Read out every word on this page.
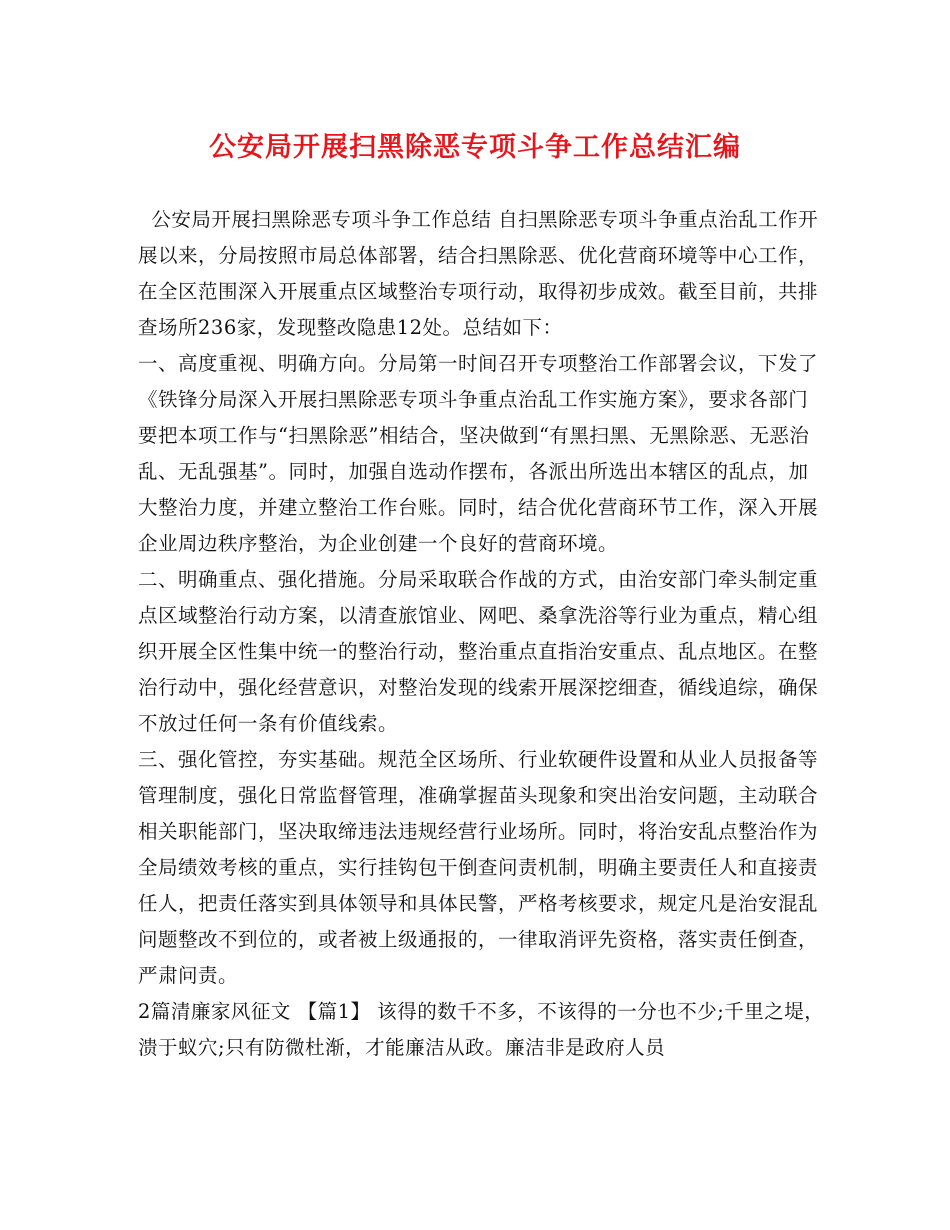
公安局开展扫黑除恶专项斗争工作总结汇编

公安局开展扫黑除恶专项斗争工作总结 自扫黑除恶专项斗争重点治乱工作开展以来，分局按照市局总体部署，结合扫黑除恶、优化营商环境等中心工作，在全区范围深入开展重点区域整治专项行动，取得初步成效。截至目前，共排查场所236家，发现整改隐患12处。总结如下：

一、高度重视、明确方向。分局第一时间召开专项整治工作部署会议，下发了《铁锋分局深入开展扫黑除恶专项斗争重点治乱工作实施方案》，要求各部门要把本项工作与“扫黑除恶”相结合，坚决做到“有黑扫黑、无黑除恶、无恶治乱、无乱强基”。同时，加强自选动作摆布，各派出所选出本辖区的乱点，加大整治力度，并建立整治工作台账。同时，结合优化营商环节工作，深入开展企业周边秩序整治，为企业创建一个良好的营商环境。

二、明确重点、强化措施。分局采取联合作战的方式，由治安部门牵头制定重点区域整治行动方案，以清查旅馆业、网吧、桑拿洗浴等行业为重点，精心组织开展全区性集中统一的整治行动，整治重点直指治安重点、乱点地区。在整治行动中，强化经营意识，对整治发现的线索开展深挖细查，循线追综，确保不放过任何一条有价值线索。

三、强化管控，夯实基础。规范全区场所、行业软硬件设置和从业人员报备等管理制度，强化日常监督管理，准确掌握苗头现象和突出治安问题，主动联合相关职能部门，坚决取缔违法违规经营行业场所。同时，将治安乱点整治作为全局绩效考核的重点，实行挂钩包干倒查问责机制，明确主要责任人和直接责任人，把责任落实到具体领导和具体民警，严格考核要求，规定凡是治安混乱问题整改不到位的，或者被上级通报的，一律取消评先资格，落实责任倒查，严肃问责。

2篇清廉家风征文 【篇1】 该得的数千不多，不该得的一分也不少;千里之堤，溃于蚁穴;只有防微杜渐，才能廉洁从政。廉洁非是政府人员
